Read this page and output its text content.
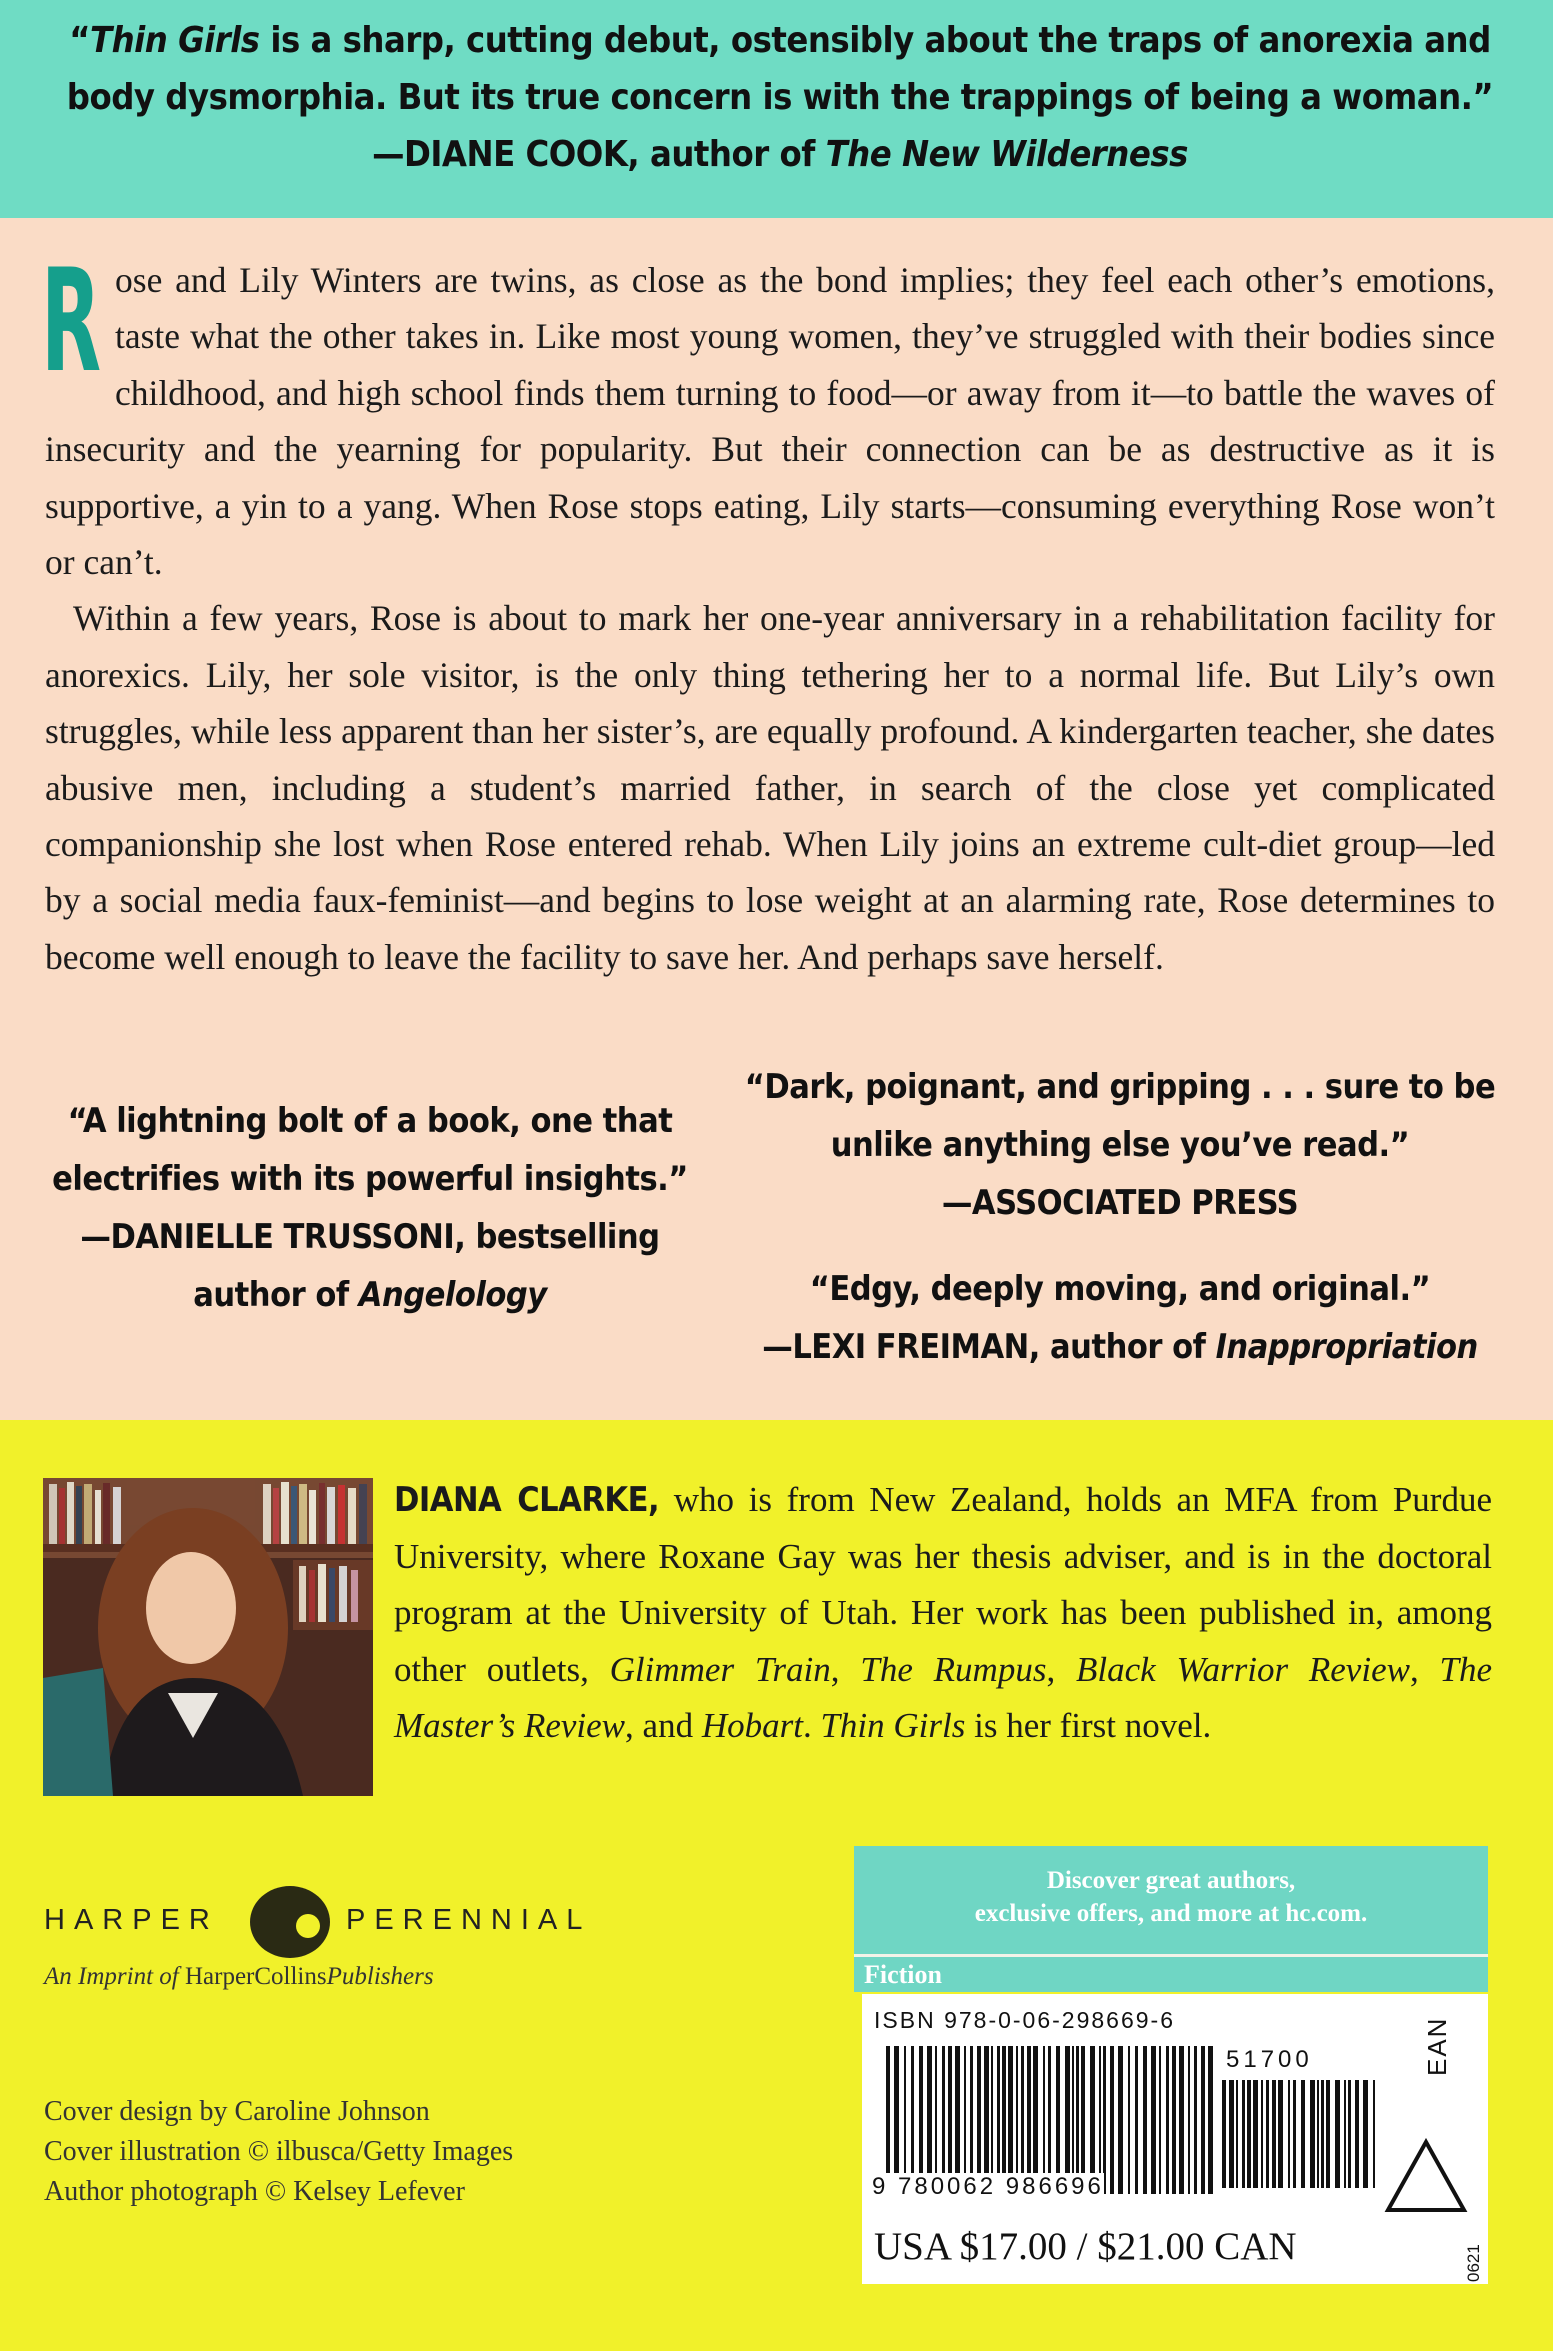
“Thin Girls is a sharp, cutting debut, ostensibly about the traps of anorexia and body dysmorphia. But its true concern is with the trappings of being a woman.”
—DIANE COOK, author of The New Wilderness

Rose and Lily Winters are twins, as close as the bond implies; they feel each other’s emotions, taste what the other takes in. Like most young women, they’ve struggled with their bodies since childhood, and high school finds them turning to food—or away from it—to battle the waves of insecurity and the yearning for popularity. But their connection can be as destructive as it is supportive, a yin to a yang. When Rose stops eating, Lily starts—consuming everything Rose won’t or can’t.

Within a few years, Rose is about to mark her one-year anniversary in a rehabilitation facility for anorexics. Lily, her sole visitor, is the only thing tethering her to a normal life. But Lily’s own struggles, while less apparent than her sister’s, are equally profound. A kindergarten teacher, she dates abusive men, including a student’s married father, in search of the close yet complicated companionship she lost when Rose entered rehab. When Lily joins an extreme cult-diet group—led by a social media faux-feminist—and begins to lose weight at an alarming rate, Rose determines to become well enough to leave the facility to save her. And perhaps save herself.

“A lightning bolt of a book, one that electrifies with its powerful insights.”
—DANIELLE TRUSSONI, bestselling author of Angelology
“Dark, poignant, and gripping . . . sure to be unlike anything else you’ve read.”
—ASSOCIATED PRESS
“Edgy, deeply moving, and original.”
—LEXI FREIMAN, author of Inappropriation
DIANA CLARKE, who is from New Zealand, holds an MFA from Purdue University, where Roxane Gay was her thesis adviser, and is in the doctoral program at the University of Utah. Her work has been published in, among other outlets, Glimmer Train, The Rumpus, Black Warrior Review, The Master’s Review, and Hobart. Thin Girls is her first novel.
HARPER	PERENNIAL
An Imprint of HarperCollinsPublishers
Cover design by Caroline Johnson
Cover illustration © ilbusca/Getty Images
Author photograph © Kelsey Lefever
Discover great authors,
exclusive offers, and more at hc.com.
Fiction
ISBN 978-0-06-298669-6
9 780062 986696
51700	EAN
USA $17.00 / $21.00 CAN	0621
